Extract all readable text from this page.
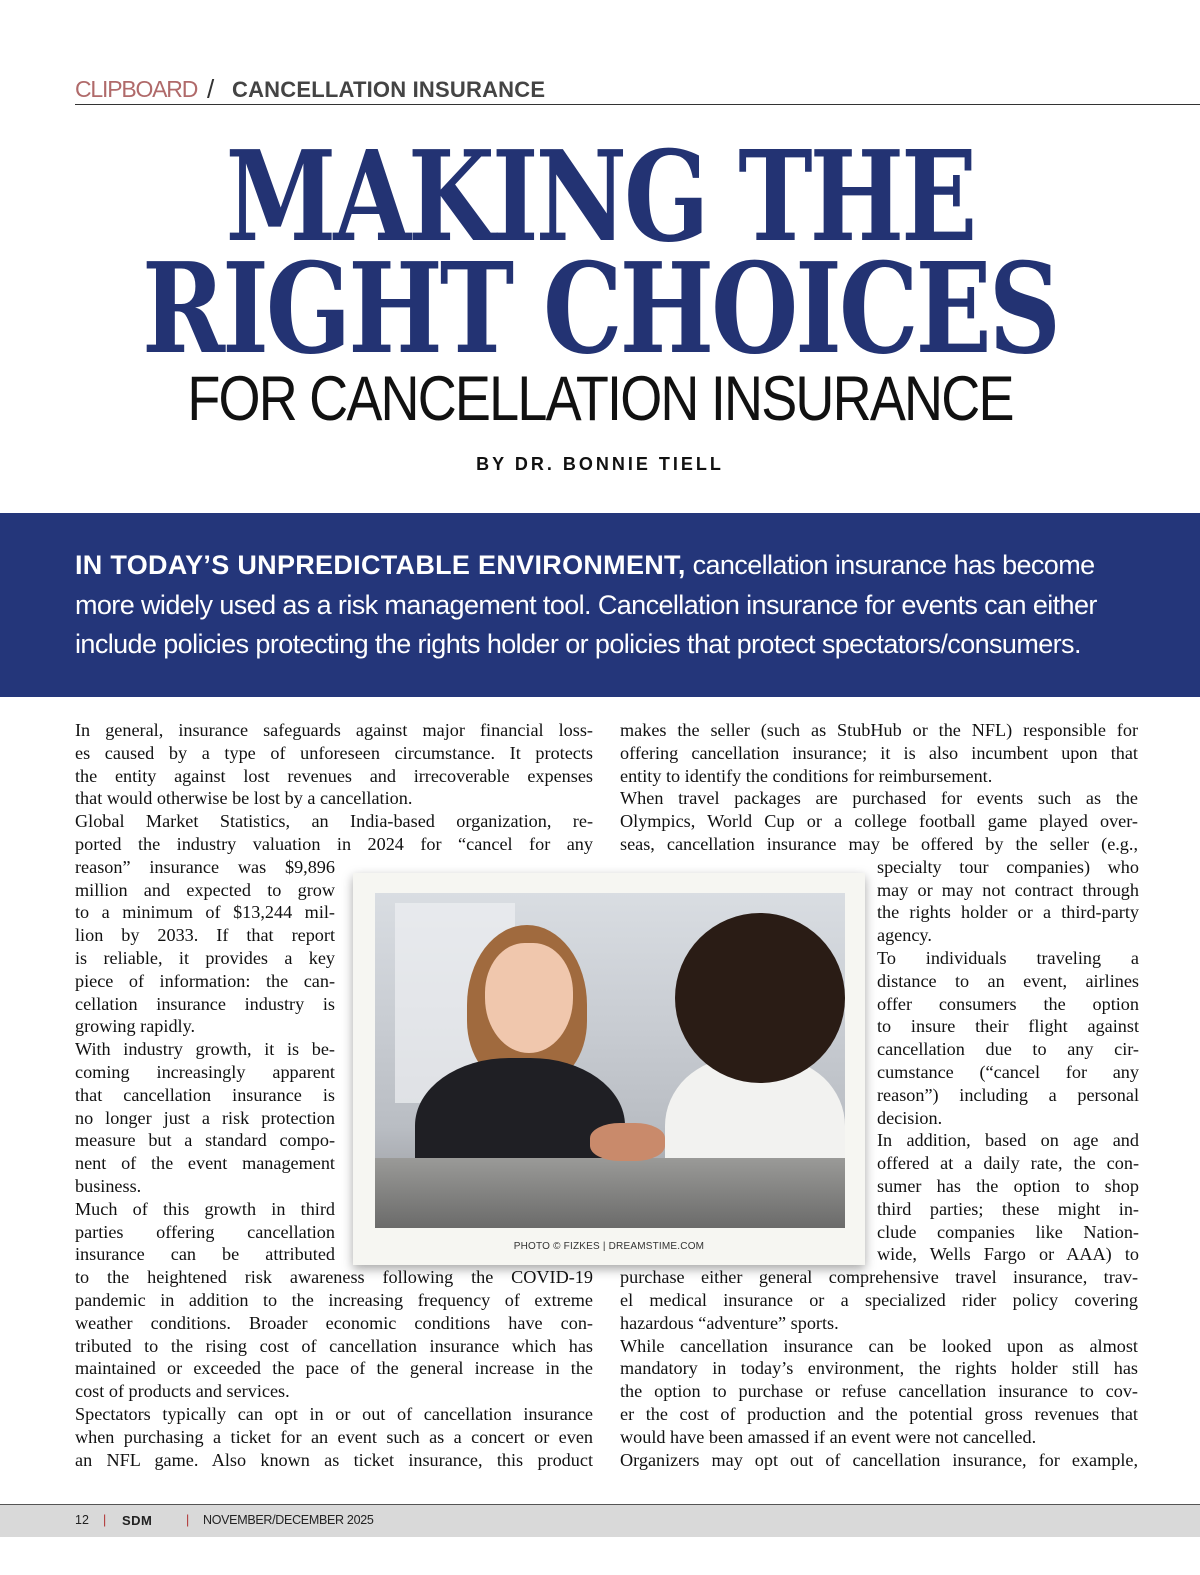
CLIPBOARD / CANCELLATION INSURANCE
MAKING THE
RIGHT CHOICES
FOR CANCELLATION INSURANCE
BY DR. BONNIE TIELL

IN TODAY’S UNPREDICTABLE ENVIRONMENT, cancellation insurance has become more widely used as a risk management tool. Cancellation insurance for events can either include policies protecting the rights holder or policies that protect spectators/consumers.

In general, insurance safeguards against major financial loss-
es caused by a type of unforeseen circumstance. It protects
the entity against lost revenues and irrecoverable expenses
that would otherwise be lost by a cancellation.
Global Market Statistics, an India-based organization, re-
ported the industry valuation in 2024 for “cancel for any
reason” insurance was $9,896
million and expected to grow
to a minimum of $13,244 mil-
lion by 2033. If that report
is reliable, it provides a key
piece of information: the can-
cellation insurance industry is
growing rapidly.
With industry growth, it is be-
coming increasingly apparent
that cancellation insurance is
no longer just a risk protection
measure but a standard compo-
nent of the event management
business.
Much of this growth in third
parties offering cancellation
insurance can be attributed
to the heightened risk awareness following the COVID-19
pandemic in addition to the increasing frequency of extreme
weather conditions. Broader economic conditions have con-
tributed to the rising cost of cancellation insurance which has
maintained or exceeded the pace of the general increase in the
cost of products and services.
Spectators typically can opt in or out of cancellation insurance
when purchasing a ticket for an event such as a concert or even
an NFL game. Also known as ticket insurance, this product
makes the seller (such as StubHub or the NFL) responsible for
offering cancellation insurance; it is also incumbent upon that
entity to identify the conditions for reimbursement.
When travel packages are purchased for events such as the
Olympics, World Cup or a college football game played over-
seas, cancellation insurance may be offered by the seller (e.g.,
specialty tour companies) who
may or may not contract through
the rights holder or a third-party
agency.
To individuals traveling a
distance to an event, airlines
offer consumers the option
to insure their flight against
cancellation due to any cir-
cumstance (“cancel for any
reason”) including a personal
decision.
In addition, based on age and
offered at a daily rate, the con-
sumer has the option to shop
third parties; these might in-
clude companies like Nation-
wide, Wells Fargo or AAA) to
purchase either general comprehensive travel insurance, trav-
el medical insurance or a specialized rider policy covering
hazardous “adventure” sports.
While cancellation insurance can be looked upon as almost
mandatory in today’s environment, the rights holder still has
the option to purchase or refuse cancellation insurance to cov-
er the cost of production and the potential gross revenues that
would have been amassed if an event were not cancelled.
Organizers may opt out of cancellation insurance, for example,
PHOTO © FIZKES | DREAMSTIME.COM
12 | SDM	| NOVEMBER/DECEMBER 2025
